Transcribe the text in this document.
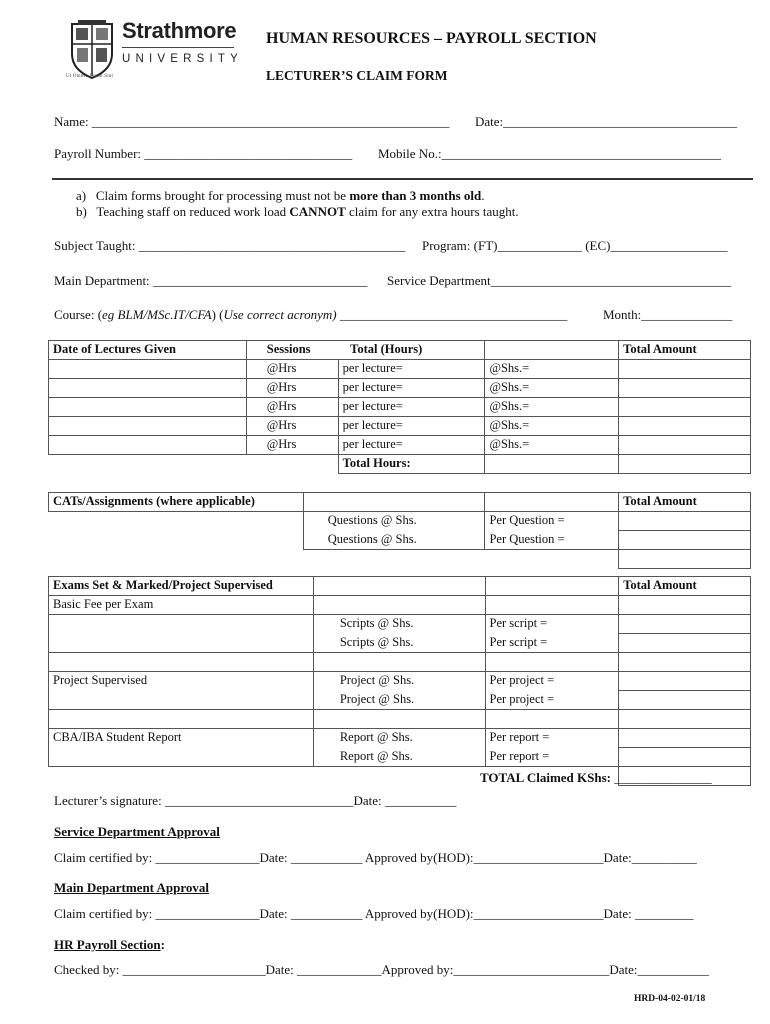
Strathmore
UNIVERSITY
Ut Omnes Unum Sint
HUMAN RESOURCES – PAYROLL SECTION
LECTURER’S CLAIM FORM
Name: _______________________________________________________ Date:____________________________________
Payroll Number: ________________________________ Mobile No.:___________________________________________
a)   Claim forms brought for processing must not be more than 3 months old.
b)   Teaching staff on reduced work load CANNOT claim for any extra hours taught.
Subject Taught: _________________________________________ Program: (FT)_____________ (EC)__________________
Main Department: _________________________________ Service Department_____________________________________
Course: (eg BLM/MSc.IT/CFA) (Use correct acronym) ___________________________________	Month:______________
Date of Lectures Given	Sessions	Total (Hours)		Total Amount
	@Hrs	per lecture=	@Shs.=	
	@Hrs	per lecture=	@Shs.=	
	@Hrs	per lecture=	@Shs.=	
	@Hrs	per lecture=	@Shs.=	
	@Hrs	per lecture=	@Shs.=	
		Total Hours:		
CATs/Assignments (where applicable)			Total Amount
	Questions @ Shs.	Per Question =	
	Questions @ Shs.	Per Question =	

Exams Set & Marked/Project Supervised			Total Amount
Basic Fee per Exam			
	Scripts @ Shs.	Per script =	
	Scripts @ Shs.	Per script =	

Project Supervised	Project @ Shs.	Per project =	
	Project @ Shs.	Per project =	

CBA/IBA Student Report	Report @ Shs.	Per report =	
	Report @ Shs.	Per report =	

TOTAL Claimed KShs: _______________
Lecturer’s signature: _____________________________Date: ___________
Service Department Approval
Claim certified by: ________________Date: ___________ Approved by(HOD):____________________Date:__________
Main Department Approval
Claim certified by: ________________Date: ___________ Approved by(HOD):____________________Date: _________
HR Payroll Section:
Checked by: ______________________Date: _____________Approved by:________________________Date:___________
HRD-04-02-01/18
